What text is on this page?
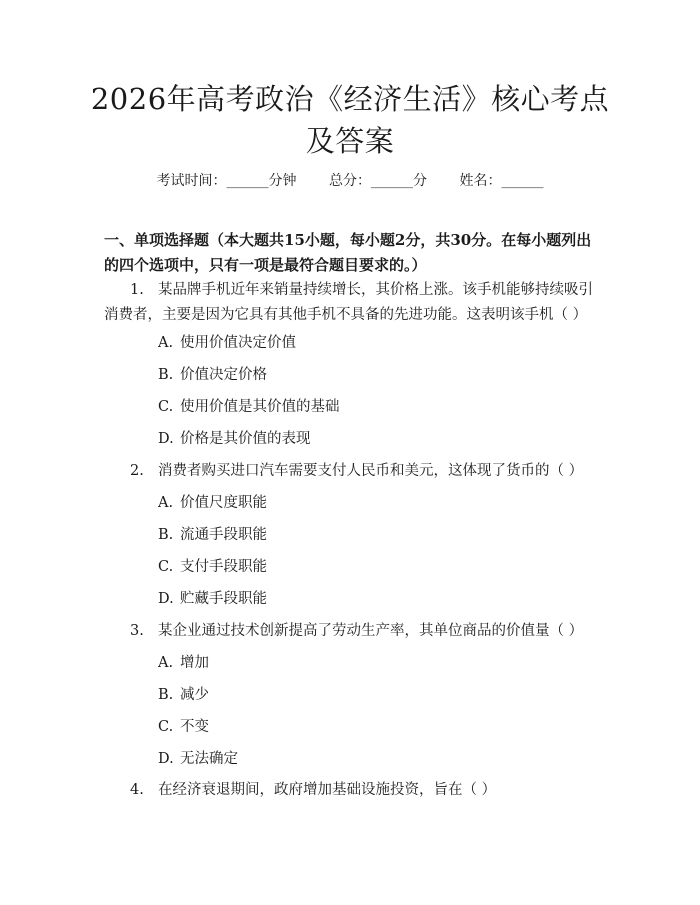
2026年高考政治《经济生活》核心考点及答案
考试时间：______分钟 总分：______分 姓名：______
一、单项选择题（本大题共15小题，每小题2分，共30分。在每小题列出的四个选项中，只有一项是最符合题目要求的。）
1. 某品牌手机近年来销量持续增长，其价格上涨。该手机能够持续吸引消费者，主要是因为它具有其他手机不具备的先进功能。这表明该手机（ ）
A. 使用价值决定价值
B. 价值决定价格
C. 使用价值是其价值的基础
D. 价格是其价值的表现
2. 消费者购买进口汽车需要支付人民币和美元，这体现了货币的（ ）
A. 价值尺度职能
B. 流通手段职能
C. 支付手段职能
D. 贮藏手段职能
3. 某企业通过技术创新提高了劳动生产率，其单位商品的价值量（ ）
A. 增加
B. 减少
C. 不变
D. 无法确定
4. 在经济衰退期间，政府增加基础设施投资，旨在（ ）
